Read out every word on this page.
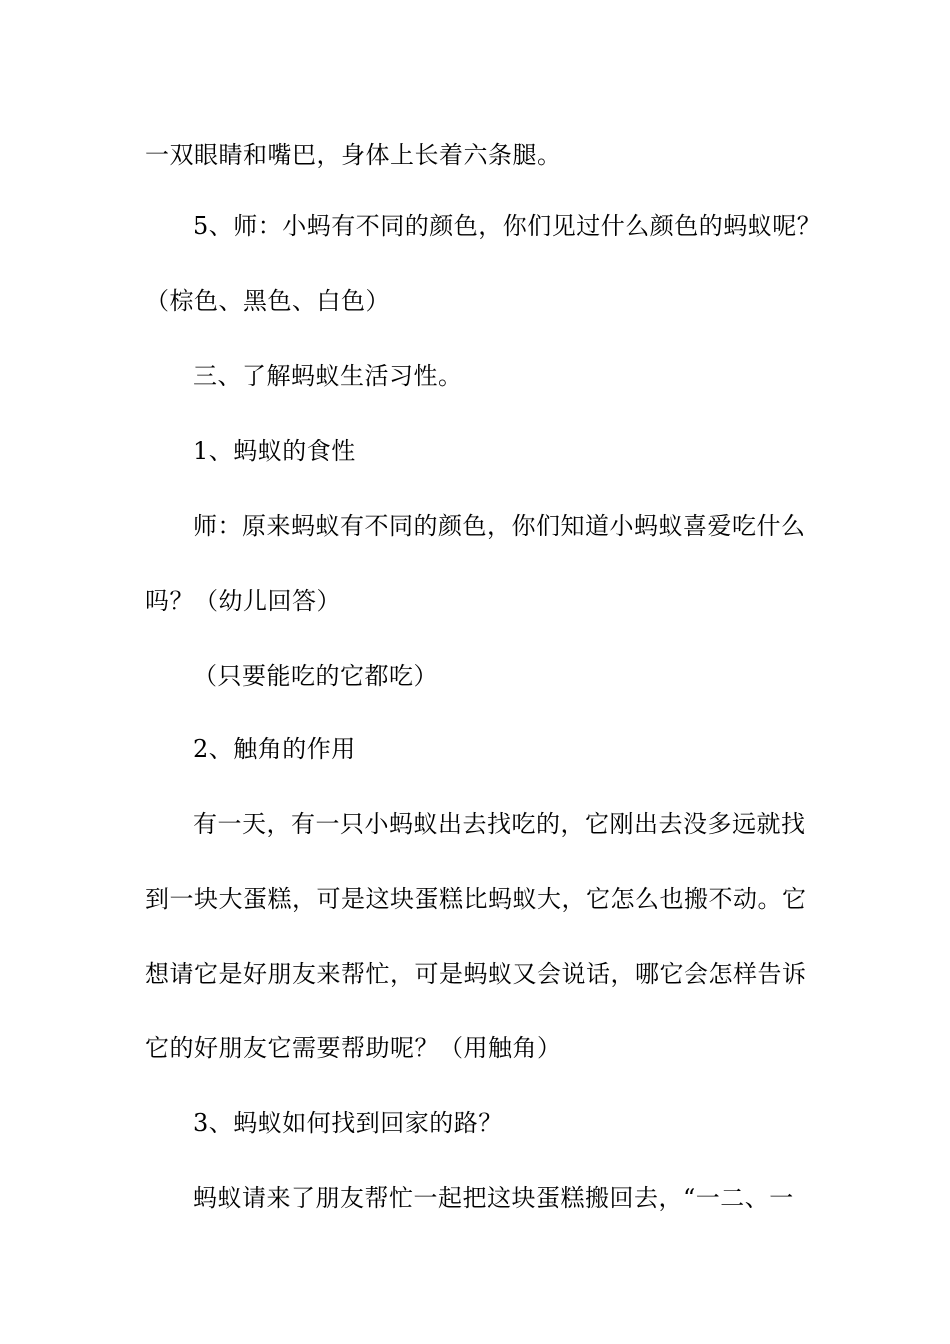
一双眼睛和嘴巴，身体上长着六条腿。
5、师：小蚂有不同的颜色，你们见过什么颜色的蚂蚁呢？
（棕色、黑色、白色）
三、了解蚂蚁生活习性。
1、蚂蚁的食性
师：原来蚂蚁有不同的颜色，你们知道小蚂蚁喜爱吃什么
吗？（幼儿回答）
（只要能吃的它都吃）
2、触角的作用
有一天，有一只小蚂蚁出去找吃的，它刚出去没多远就找
到一块大蛋糕，可是这块蛋糕比蚂蚁大，它怎么也搬不动。它
想请它是好朋友来帮忙，可是蚂蚁又会说话，哪它会怎样告诉
它的好朋友它需要帮助呢？（用触角）
3、蚂蚁如何找到回家的路？
蚂蚁请来了朋友帮忙一起把这块蛋糕搬回去，“一二、一
